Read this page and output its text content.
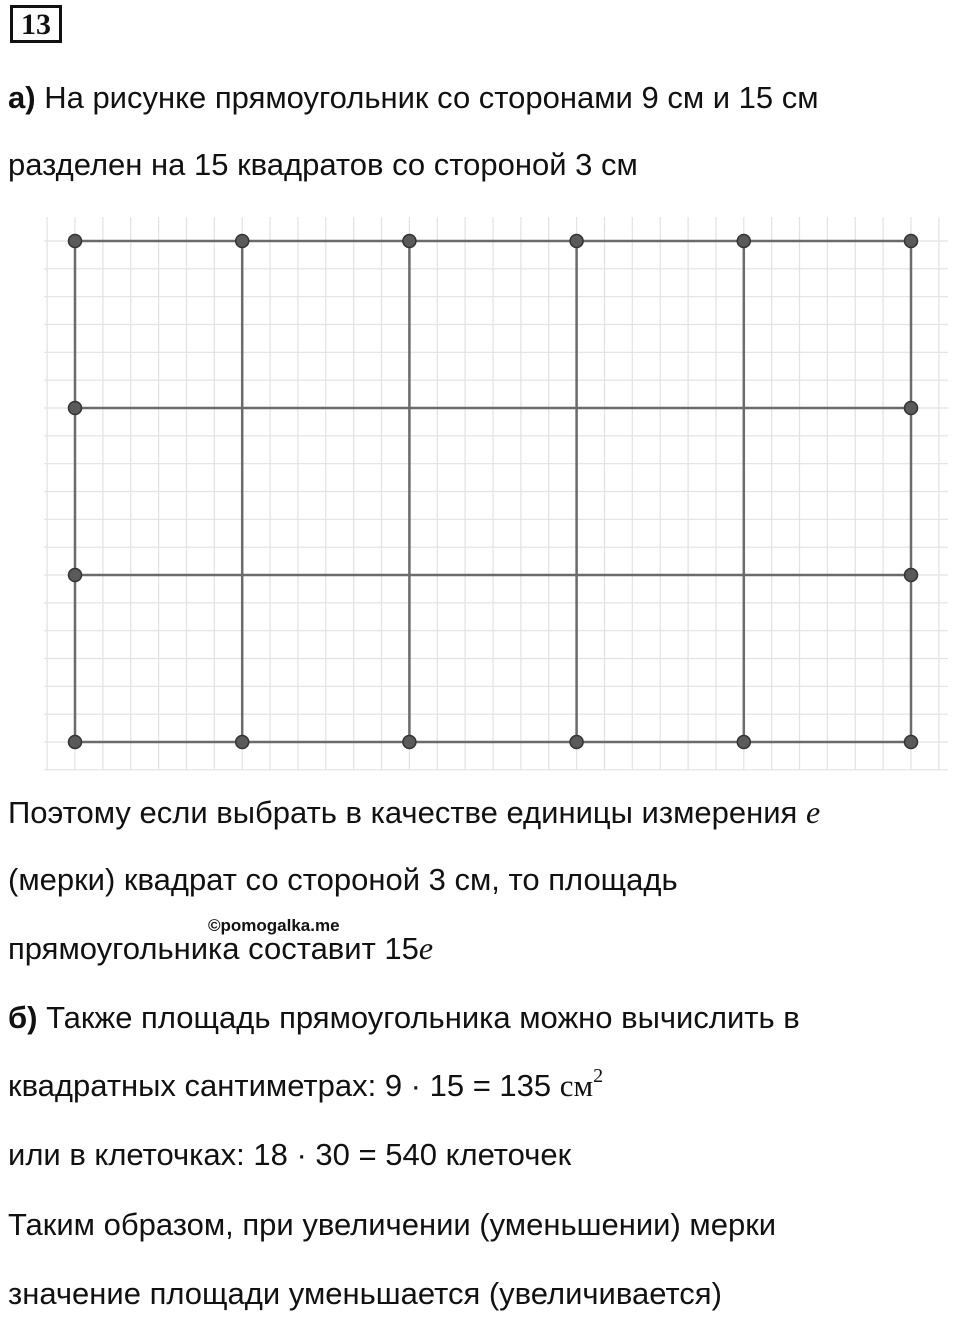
13
а) На рисунке прямоугольник со сторонами 9 см и 15 см
разделен на 15 квадратов со стороной 3 см
Поэтому если выбрать в качестве единицы измерения e
(мерки) квадрат со стороной 3 см, то площадь
©pomogalka.me
прямоугольника составит 15e
б) Также площадь прямоугольника можно вычислить в
квадратных сантиметрах: 9 · 15 = 135 $см^2$
или в клеточках: 18 · 30 = 540 клеточек
Таким образом, при увеличении (уменьшении) мерки
значение площади уменьшается (увеличивается)
